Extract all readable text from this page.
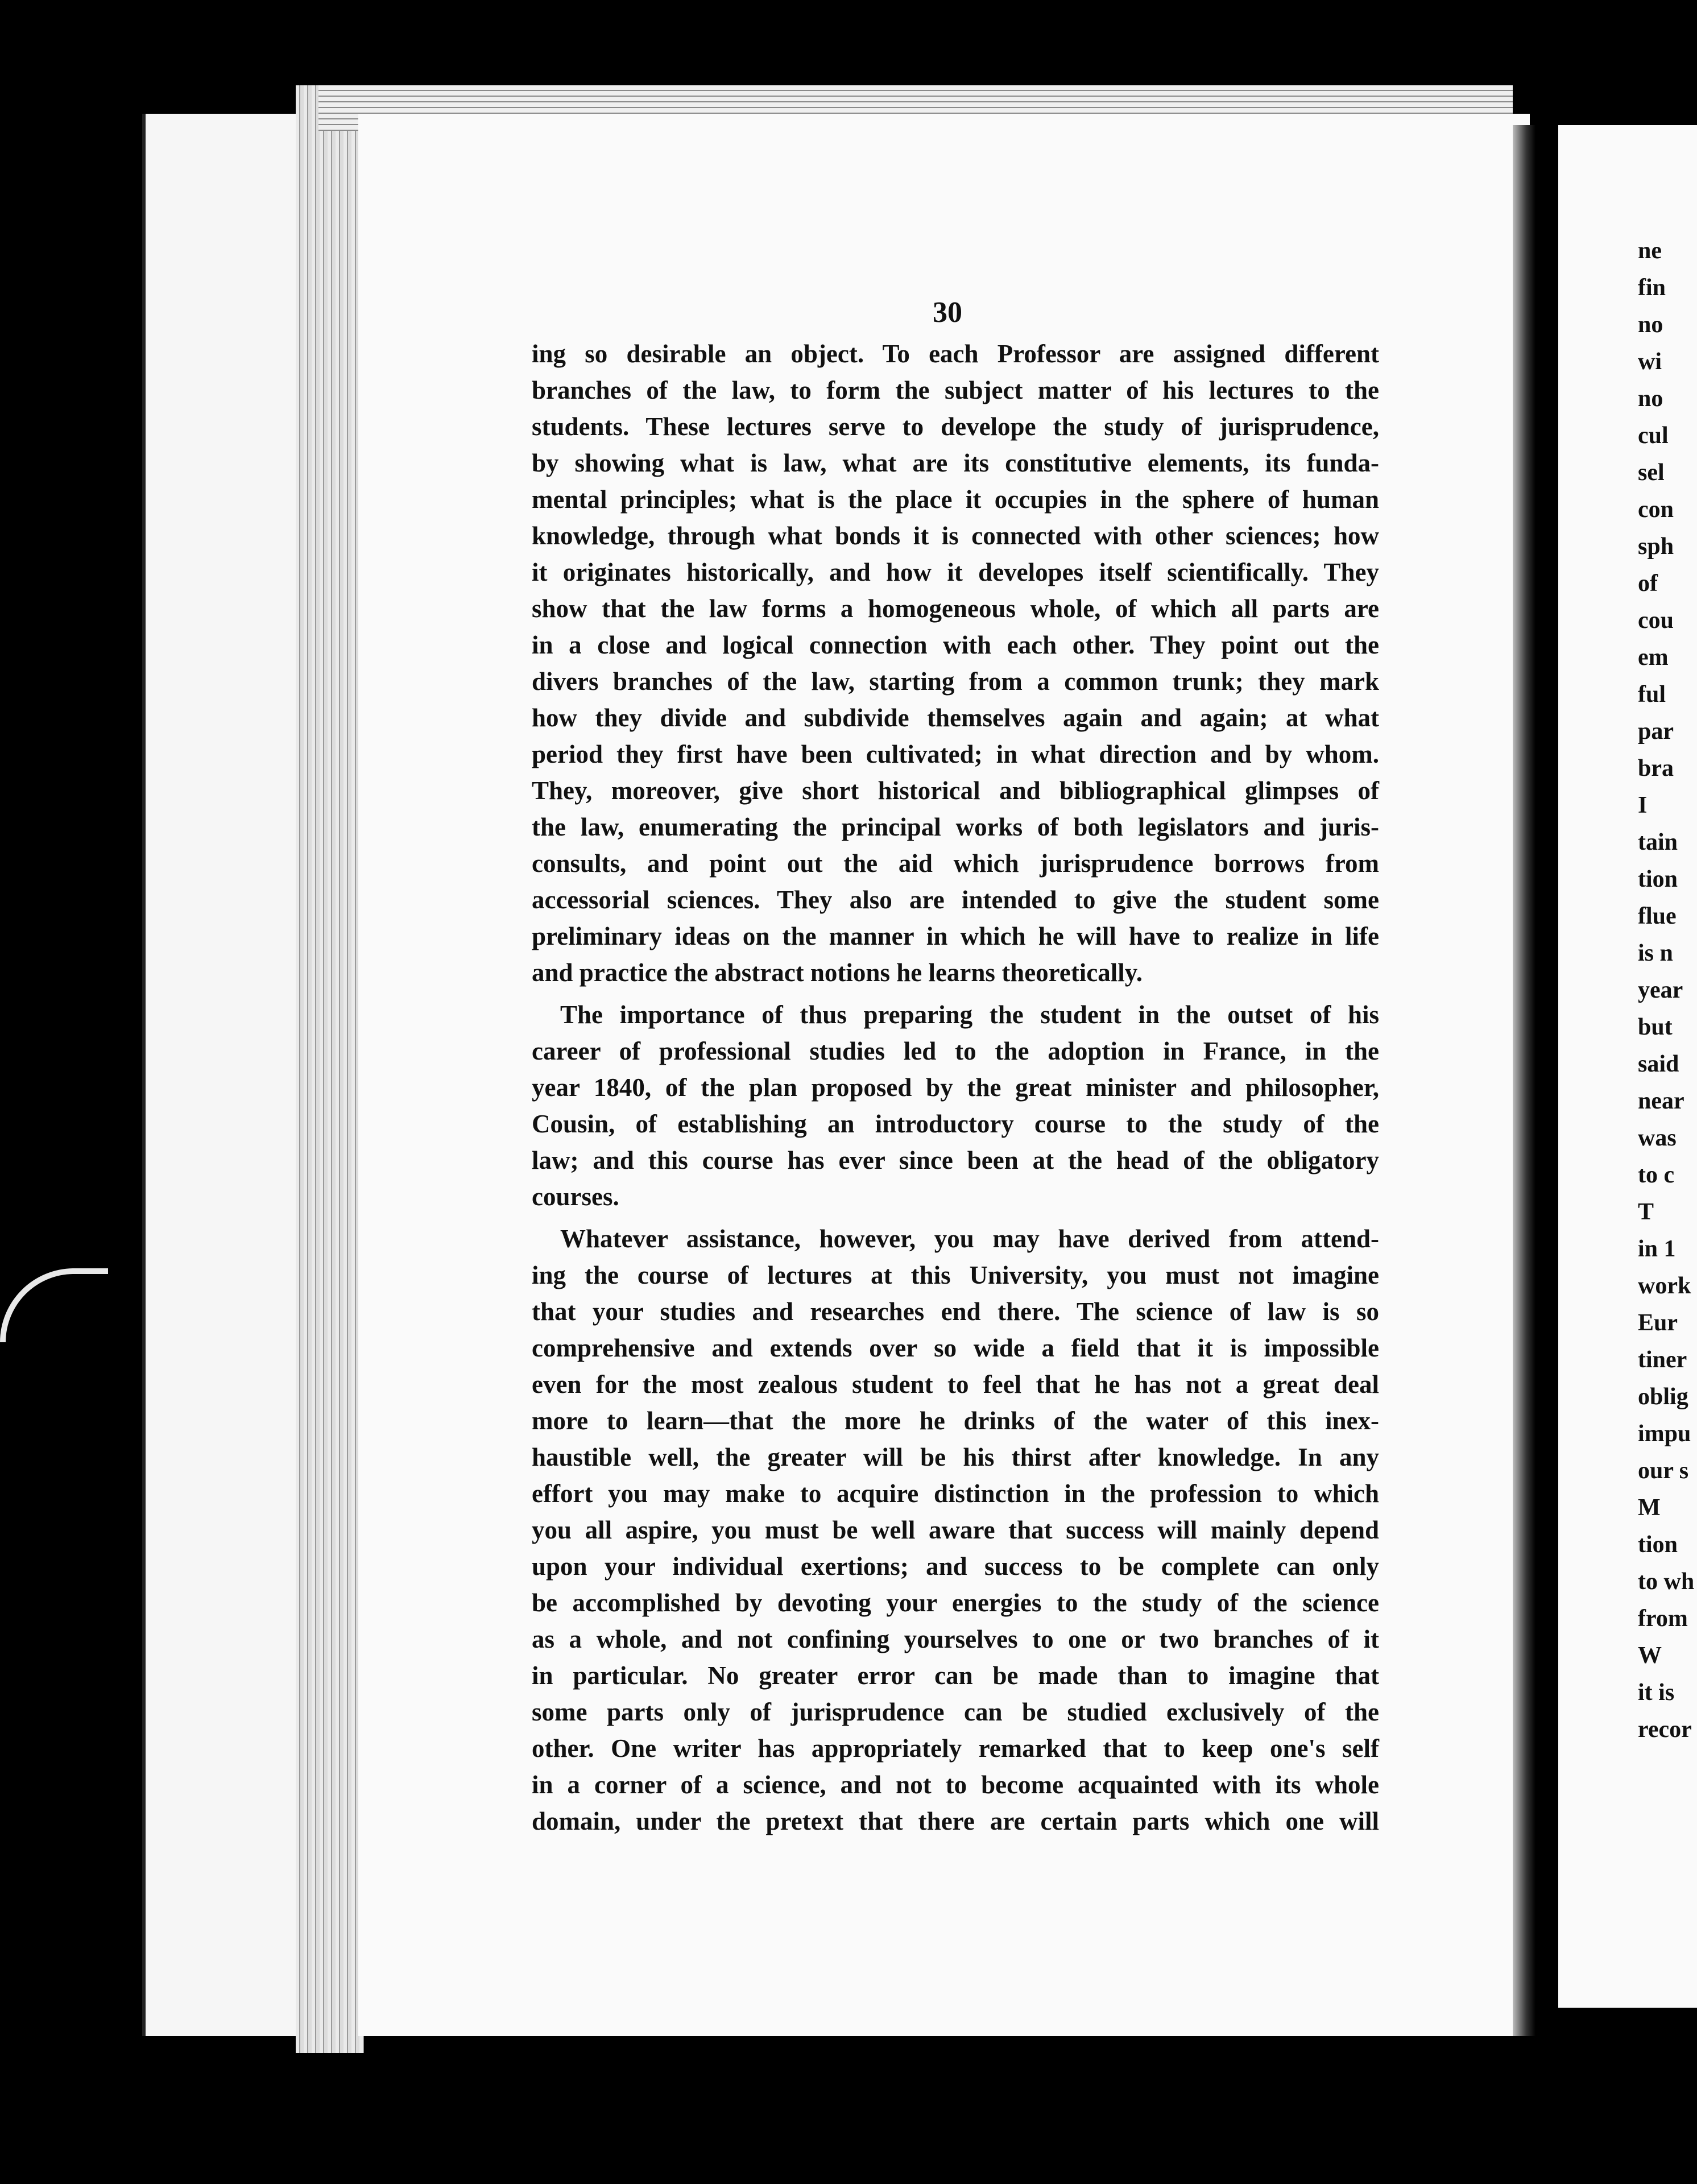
30

ing so desirable an object. To each Professor are assigned different

branches of the law, to form the subject matter of his lectures to the

students. These lectures serve to develope the study of jurisprudence,

by showing what is law, what are its constitutive elements, its funda-

mental principles; what is the place it occupies in the sphere of human

knowledge, through what bonds it is connected with other sciences; how

it originates historically, and how it developes itself scientifically. They

show that the law forms a homogeneous whole, of which all parts are

in a close and logical connection with each other. They point out the

divers branches of the law, starting from a common trunk; they mark

how they divide and subdivide themselves again and again; at what

period they first have been cultivated; in what direction and by whom.

They, moreover, give short historical and bibliographical glimpses of

the law, enumerating the principal works of both legislators and juris-

consults, and point out the aid which jurisprudence borrows from

accessorial sciences. They also are intended to give the student some

preliminary ideas on the manner in which he will have to realize in life

and practice the abstract notions he learns theoretically.

The importance of thus preparing the student in the outset of his

career of professional studies led to the adoption in France, in the

year 1840, of the plan proposed by the great minister and philosopher,

Cousin, of establishing an introductory course to the study of the

law; and this course has ever since been at the head of the obligatory

courses.

Whatever assistance, however, you may have derived from attend-

ing the course of lectures at this University, you must not imagine

that your studies and researches end there. The science of law is so

comprehensive and extends over so wide a field that it is impossible

even for the most zealous student to feel that he has not a great deal

more to learn—that the more he drinks of the water of this inex-

haustible well, the greater will be his thirst after knowledge. In any

effort you may make to acquire distinction in the profession to which

you all aspire, you must be well aware that success will mainly depend

upon your individual exertions; and success to be complete can only

be accomplished by devoting your energies to the study of the science

as a whole, and not confining yourselves to one or two branches of it

in particular. No greater error can be made than to imagine that

some parts only of jurisprudence can be studied exclusively of the

other. One writer has appropriately remarked that to keep one's self

in a corner of a science, and not to become acquainted with its whole

domain, under the pretext that there are certain parts which one will

ne
fin
no
wi
no
cul
sel
con
sph
of
cou
em
ful
par
bra
I
tain
tion
flue
is n
year
but
said
near
was
to c
T
in 1
work
Eur
tiner
oblig
impu
our s
M
tion
to wh
from
W
it is
recor
